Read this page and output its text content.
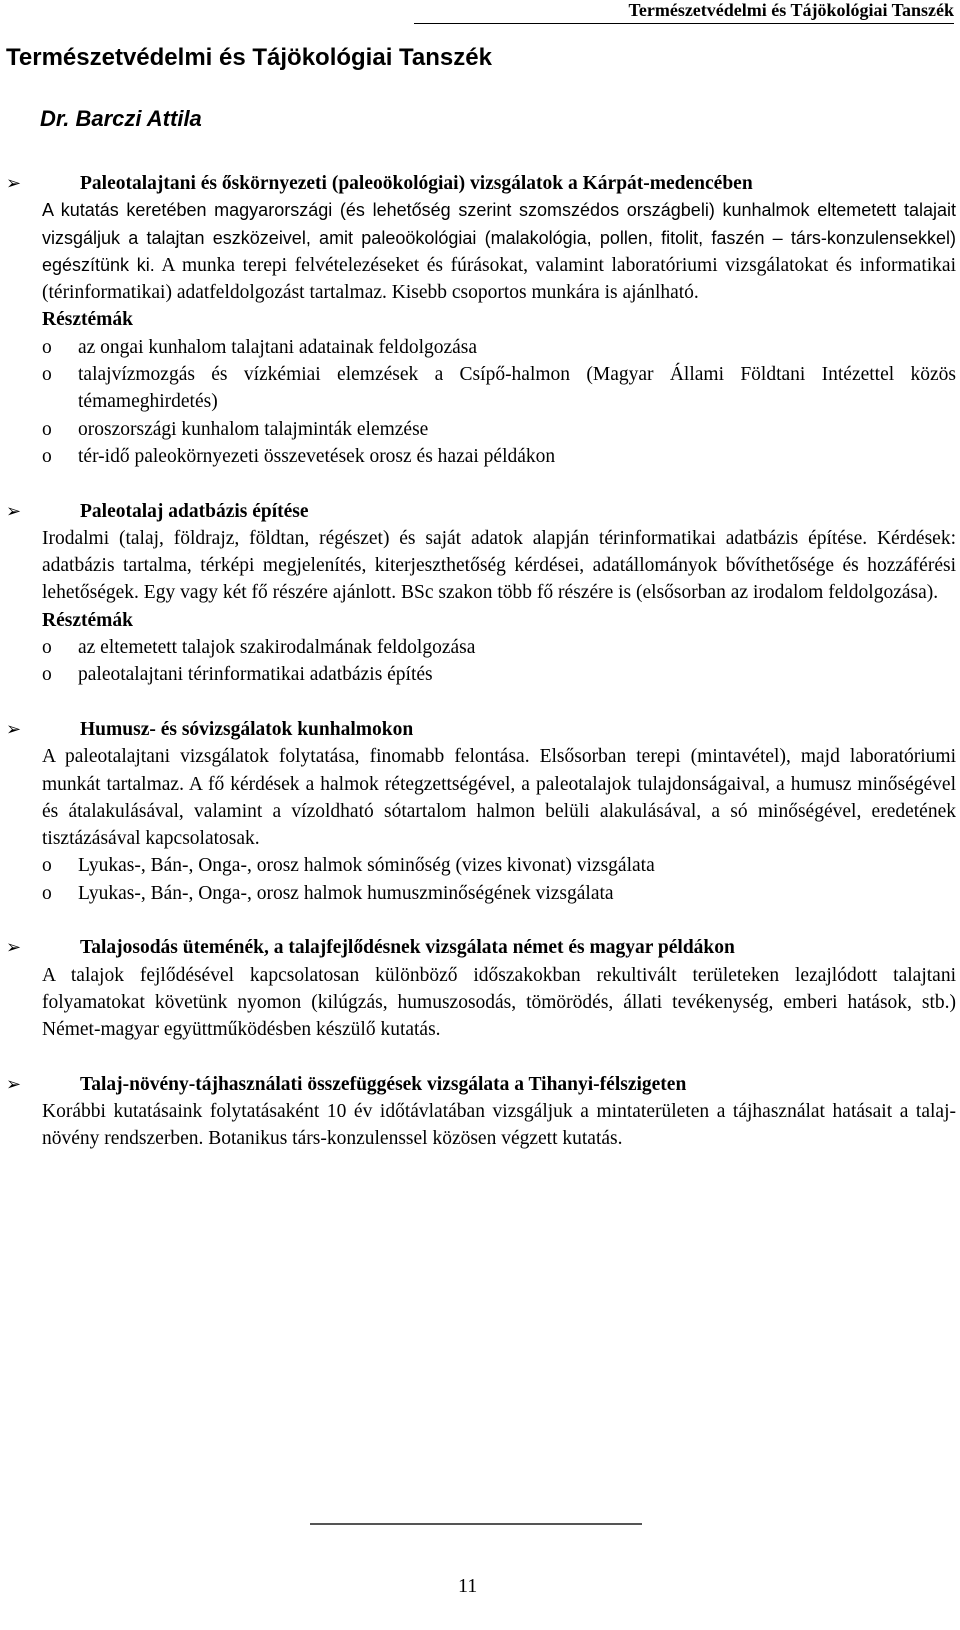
Természetvédelmi és Tájökológiai Tanszék
Természetvédelmi és Tájökológiai Tanszék
Dr. Barczi Attila
➢	Paleotalajtani és őskörnyezeti (paleoökológiai) vizsgálatok a Kárpát-medencében
A kutatás keretében magyarországi (és lehetőség szerint szomszédos országbeli) kunhalmok eltemetett talajait vizsgáljuk a talajtan eszközeivel, amit paleoökológiai (malakológia, pollen, fitolit, faszén – társ-konzulensekkel) egészítünk ki. A munka terepi felvételezéseket és fúrásokat, valamint laboratóriumi vizsgálatokat és informatikai (térinformatikai) adatfeldolgozást tartalmaz. Kisebb csoportos munkára is ajánlható.
Résztémák
o az ongai kunhalom talajtani adatainak feldolgozása
o talajvízmozgás és vízkémiai elemzések a Csípő-halmon (Magyar Állami Földtani Intézettel közös témameghirdetés)
o oroszországi kunhalom talajminták elemzése
o tér-idő paleokörnyezeti összevetések orosz és hazai példákon
➢	Paleotalaj adatbázis építése
Irodalmi (talaj, földrajz, földtan, régészet) és saját adatok alapján térinformatikai adatbázis építése. Kérdések: adatbázis tartalma, térképi megjelenítés, kiterjeszthetőség kérdései, adatállományok bővíthetősége és hozzáférési lehetőségek. Egy vagy két fő részére ajánlott. BSc szakon több fő részére is (elsősorban az irodalom feldolgozása).
Résztémák
o az eltemetett talajok szakirodalmának feldolgozása
o paleotalajtani térinformatikai adatbázis építés
➢	Humusz- és sóvizsgálatok kunhalmokon
A paleotalajtani vizsgálatok folytatása, finomabb felontása. Elsősorban terepi (mintavétel), majd laboratóriumi munkát tartalmaz. A fő kérdések a halmok rétegzettségével, a paleotalajok tulajdonságaival, a humusz minőségével és átalakulásával, valamint a vízoldható sótartalom halmon belüli alakulásával, a só minőségével, eredetének tisztázásával kapcsolatosak.
o Lyukas-, Bán-, Onga-, orosz halmok sóminőség (vizes kivonat) vizsgálata
o Lyukas-, Bán-, Onga-, orosz halmok humuszminőségének vizsgálata
➢	Talajosodás üteménék, a talajfejlődésnek vizsgálata német és magyar példákon
A talajok fejlődésével kapcsolatosan különböző időszakokban rekultivált területeken lezajlódott talajtani folyamatokat követünk nyomon (kilúgzás, humuszosodás, tömörödés, állati tevékenység, emberi hatások, stb.) Német-magyar együttműködésben készülő kutatás.
➢	Talaj-növény-tájhasználati összefüggések vizsgálata a Tihanyi-félszigeten
Korábbi kutatásaink folytatásaként 10 év időtávlatában vizsgáljuk a mintaterületen a tájhasználat hatásait a talaj-növény rendszerben. Botanikus társ-konzulenssel közösen végzett kutatás.
11
